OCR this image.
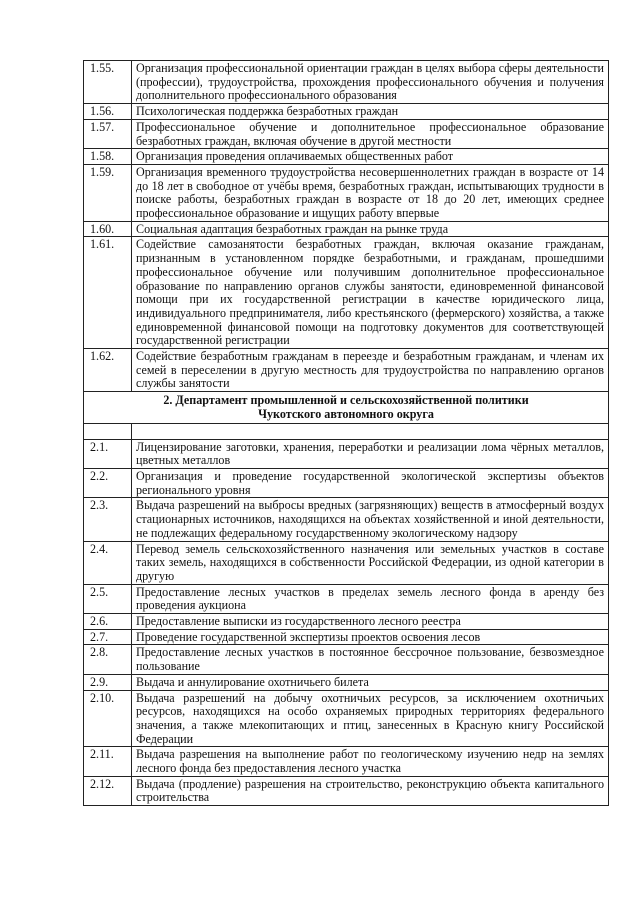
1.55.	Организация профессиональной ориентации граждан в целях выбора сферы деятельности (профессии), трудоустройства, прохождения профессионального обучения и получения дополнительного профессионального образования
1.56.	Психологическая поддержка безработных граждан
1.57.	Профессиональное обучение и дополнительное профессиональное образование безработных граждан, включая обучение в другой местности
1.58.	Организация проведения оплачиваемых общественных работ
1.59.	Организация временного трудоустройства несовершеннолетних граждан в возрасте от 14 до 18 лет в свободное от учёбы время, безработных граждан, испытывающих трудности в поиске работы, безработных граждан в возрасте от 18 до 20 лет, имеющих среднее профессиональное образование и ищущих работу впервые
1.60.	Социальная адаптация безработных граждан на рынке труда
1.61.	Содействие самозанятости безработных граждан, включая оказание гражданам, признанным в установленном порядке безработными, и гражданам, прошедшими профессиональное обучение или получившим дополнительное профессиональное образование по направлению органов службы занятости, единовременной финансовой помощи при их государственной регистрации в качестве юридического лица, индивидуального предпринимателя, либо крестьянского (фермерского) хозяйства, а также единовременной финансовой помощи на подготовку документов для соответствующей государственной регистрации
1.62.	Содействие безработным гражданам в переезде и безработным гражданам, и членам их семей в переселении в другую местность для трудоустройства по направлению органов службы занятости

2. Департамент промышленной и сельскохозяйственной политики
Чукотского автономного округа	

2.1.	Лицензирование заготовки, хранения, переработки и реализации лома чёрных металлов, цветных металлов
2.2.	Организация и проведение государственной экологической экспертизы объектов регионального уровня
2.3.	Выдача разрешений на выбросы вредных (загрязняющих) веществ в атмосферный воздух стационарных источников, находящихся на объектах хозяйственной и иной деятельности, не подлежащих федеральному государственному экологическому надзору
2.4.	Перевод земель сельскохозяйственного назначения или земельных участков в составе таких земель, находящихся в собственности Российской Федерации, из одной категории в другую
2.5.	Предоставление лесных участков в пределах земель лесного фонда в аренду без проведения аукциона
2.6.	Предоставление выписки из государственного лесного реестра
2.7.	Проведение государственной экспертизы проектов освоения лесов
2.8.	Предоставление лесных участков в постоянное бессрочное пользование, безвозмездное пользование
2.9.	Выдача и аннулирование охотничьего билета
2.10.	Выдача разрешений на добычу охотничьих ресурсов, за исключением охотничьих ресурсов, находящихся на особо охраняемых природных территориях федерального значения, а также млекопитающих и птиц, занесенных в Красную книгу Российской Федерации
2.11.	Выдача разрешения на выполнение работ по геологическому изучению недр на землях лесного фонда без предоставления лесного участка
2.12.	Выдача (продление) разрешения на строительство, реконструкцию объекта капитального строительства
